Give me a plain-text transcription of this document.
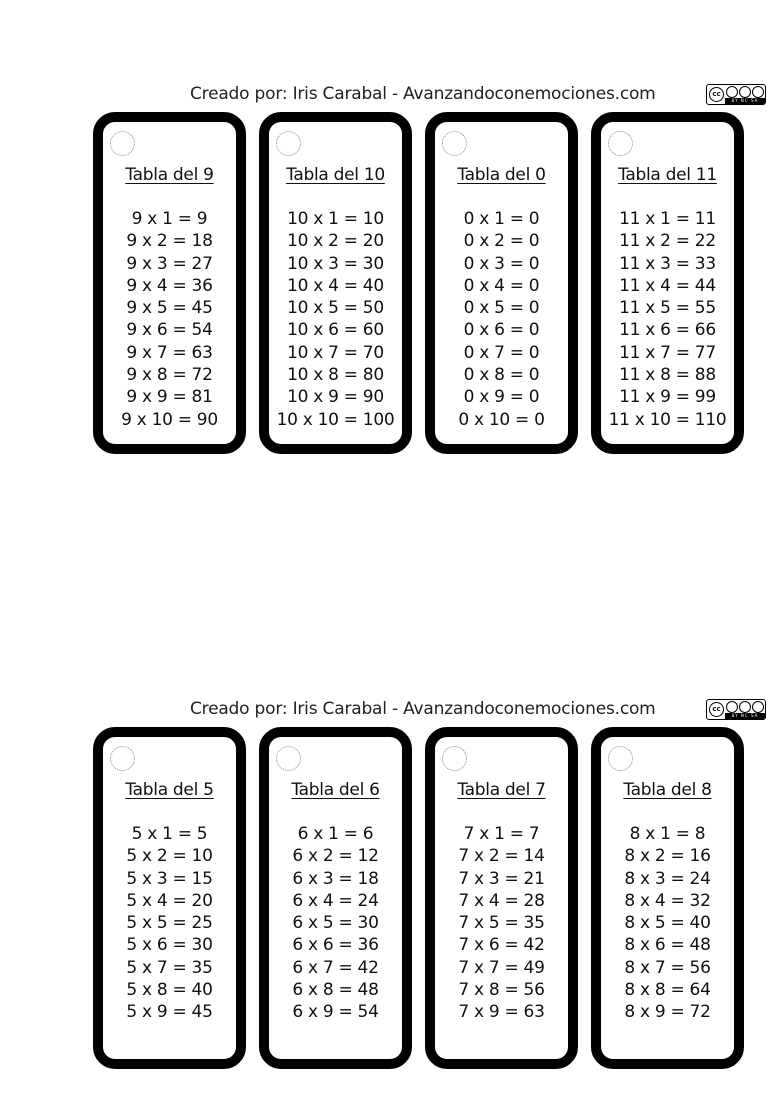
Creado por: Iris Carabal - Avanzandoconemociones.com	cc
BY NC SA
Tabla del 9
9 x 1 = 9
9 x 2 = 18
9 x 3 = 27
9 x 4 = 36
9 x 5 = 45
9 x 6 = 54
9 x 7 = 63
9 x 8 = 72
9 x 9 = 81
9 x 10 = 90
Tabla del 10
10 x 1 = 10
10 x 2 = 20
10 x 3 = 30
10 x 4 = 40
10 x 5 = 50
10 x 6 = 60
10 x 7 = 70
10 x 8 = 80
10 x 9 = 90
10 x 10 = 100
Tabla del 0
0 x 1 = 0
0 x 2 = 0
0 x 3 = 0
0 x 4 = 0
0 x 5 = 0
0 x 6 = 0
0 x 7 = 0
0 x 8 = 0
0 x 9 = 0
0 x 10 = 0
Tabla del 11
11 x 1 = 11
11 x 2 = 22
11 x 3 = 33
11 x 4 = 44
11 x 5 = 55
11 x 6 = 66
11 x 7 = 77
11 x 8 = 88
11 x 9 = 99
11 x 10 = 110
Creado por: Iris Carabal - Avanzandoconemociones.com	cc
BY NC SA
Tabla del 5
5 x 1 = 5
5 x 2 = 10
5 x 3 = 15
5 x 4 = 20
5 x 5 = 25
5 x 6 = 30
5 x 7 = 35
5 x 8 = 40
5 x 9 = 45
Tabla del 6
6 x 1 = 6
6 x 2 = 12
6 x 3 = 18
6 x 4 = 24
6 x 5 = 30
6 x 6 = 36
6 x 7 = 42
6 x 8 = 48
6 x 9 = 54
Tabla del 7
7 x 1 = 7
7 x 2 = 14
7 x 3 = 21
7 x 4 = 28
7 x 5 = 35
7 x 6 = 42
7 x 7 = 49
7 x 8 = 56
7 x 9 = 63
Tabla del 8
8 x 1 = 8
8 x 2 = 16
8 x 3 = 24
8 x 4 = 32
8 x 5 = 40
8 x 6 = 48
8 x 7 = 56
8 x 8 = 64
8 x 9 = 72
